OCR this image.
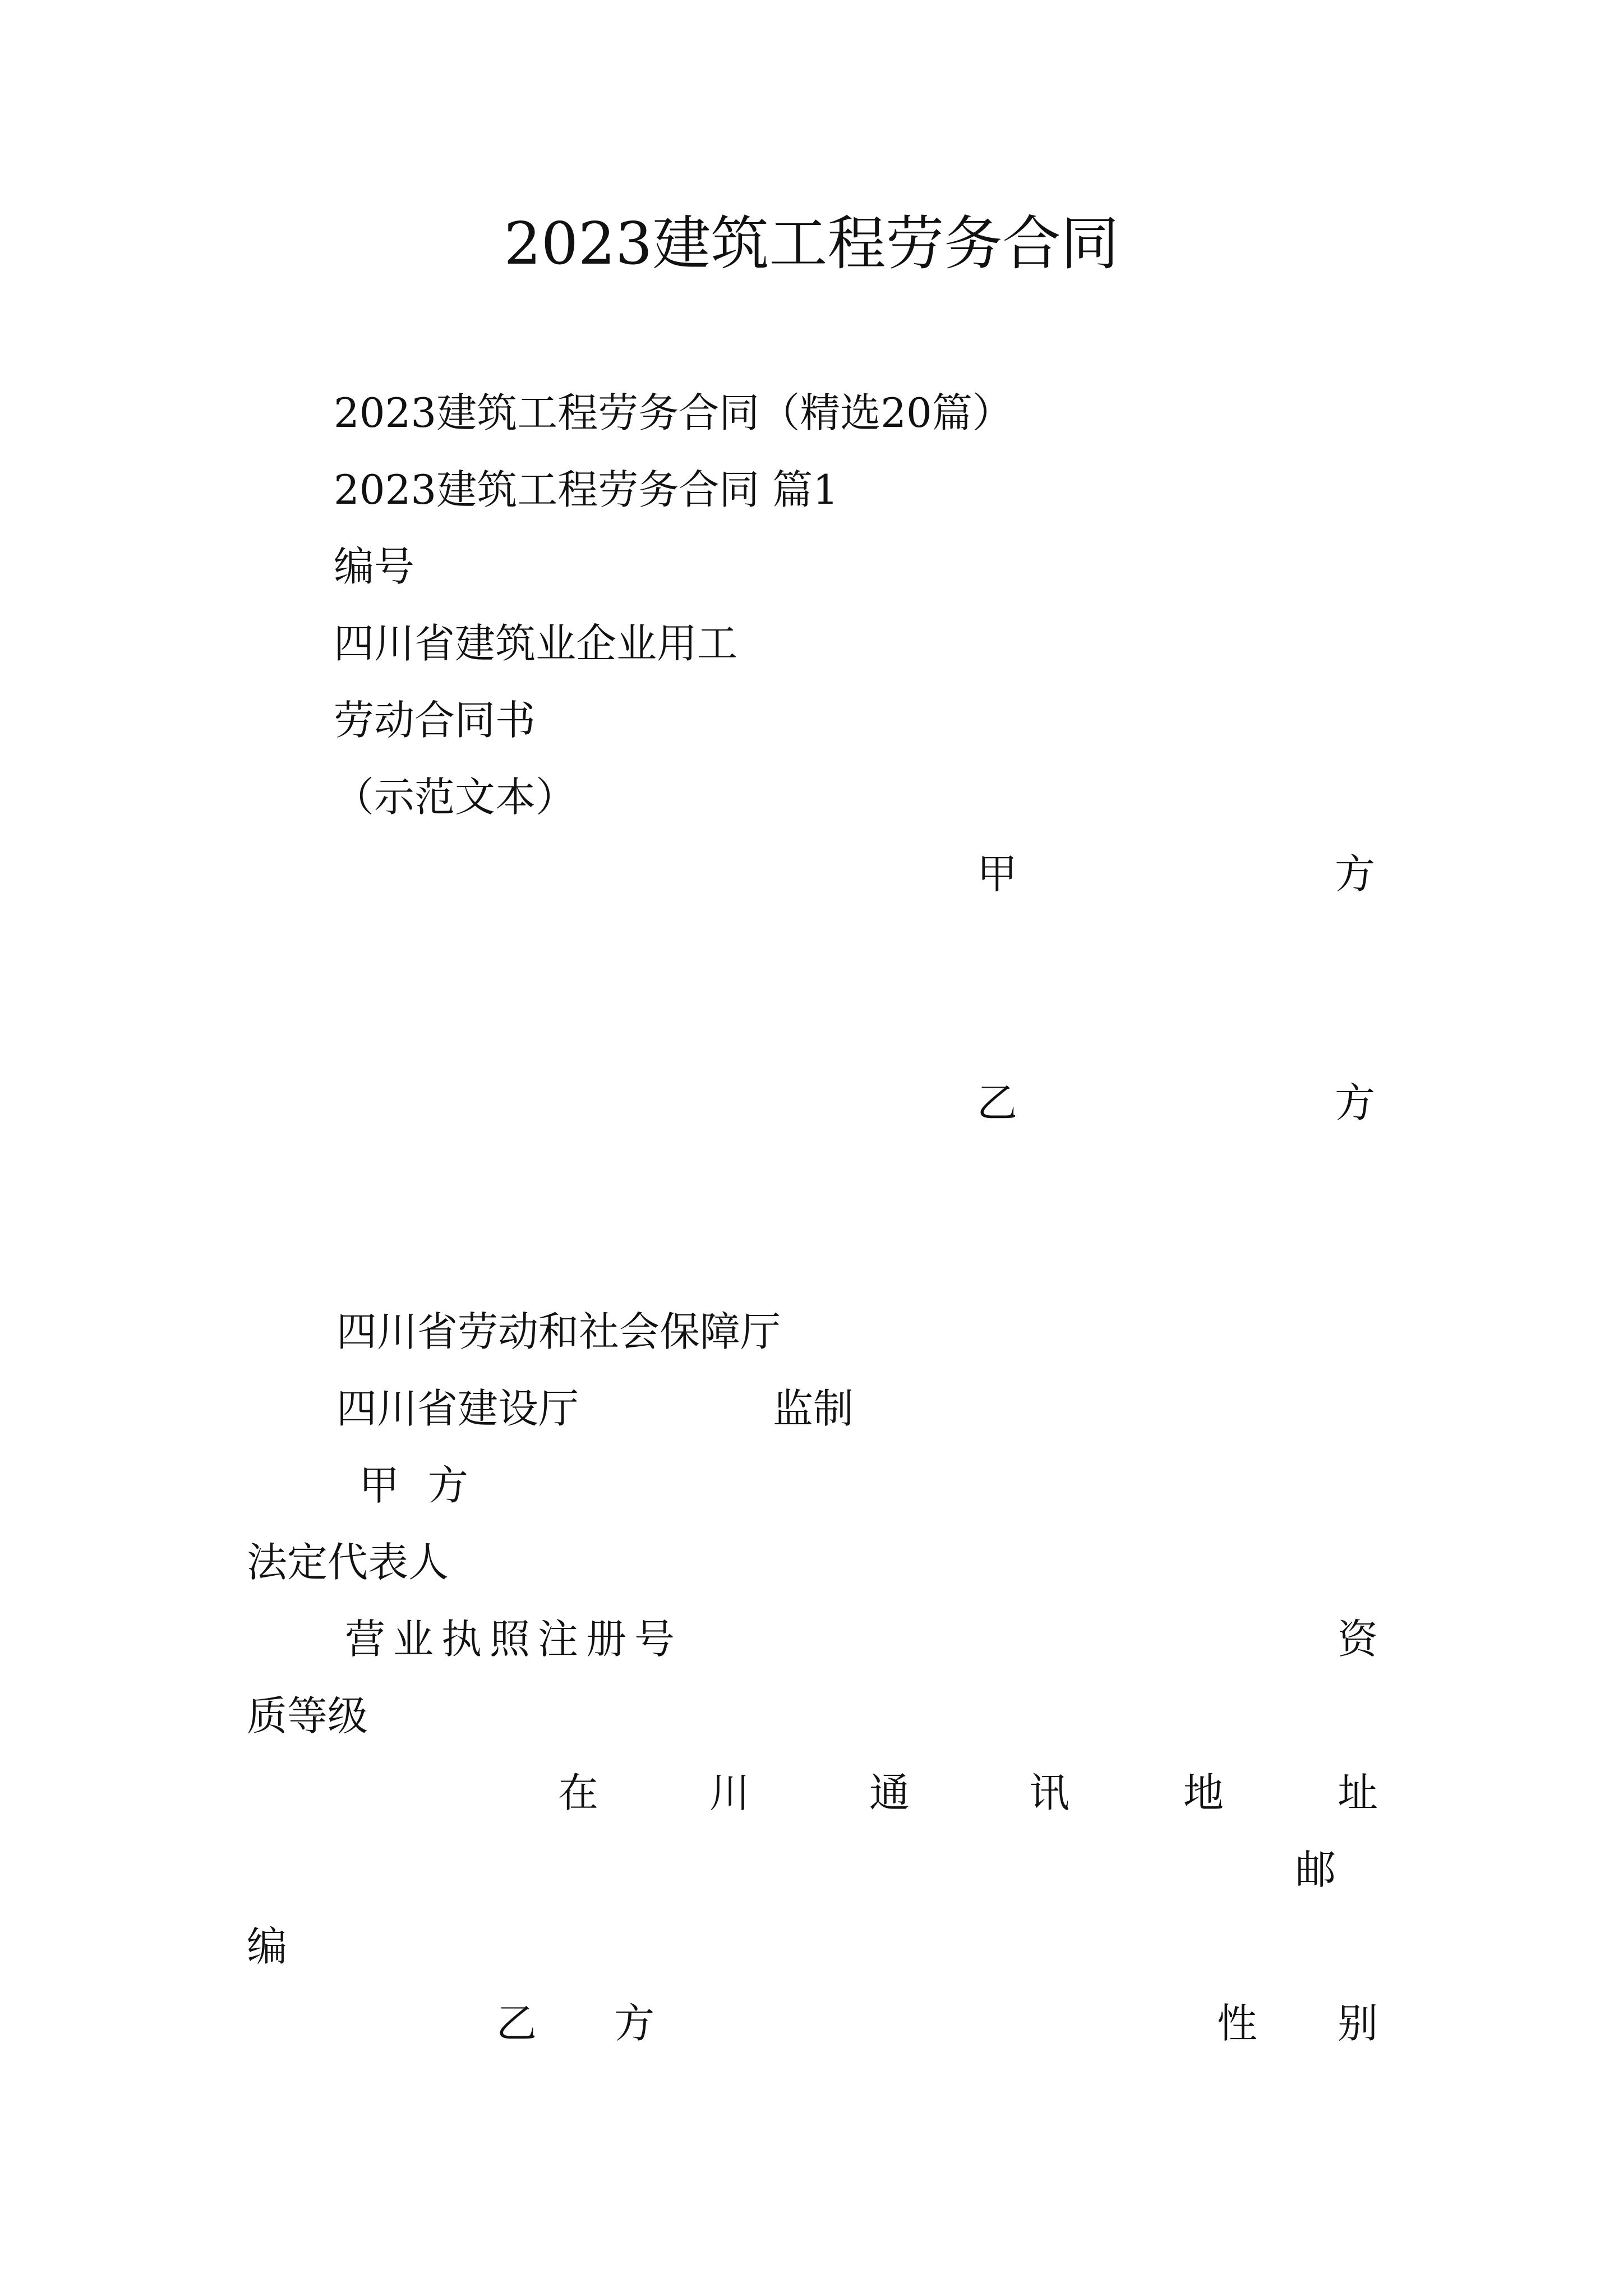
2023建筑工程劳务合同
2023建筑工程劳务合同（精选20篇）
2023建筑工程劳务合同 篇1
编号
四川省建筑业企业用工
劳动合同书
（示范文本）
甲	方
乙	方
四川省劳动和社会保障厅
四川省建设厅	监制
甲 方
法定代表人
营业执照注册号	资
质等级
在	川	通	讯	地	址
邮
编
乙 方	性 别
